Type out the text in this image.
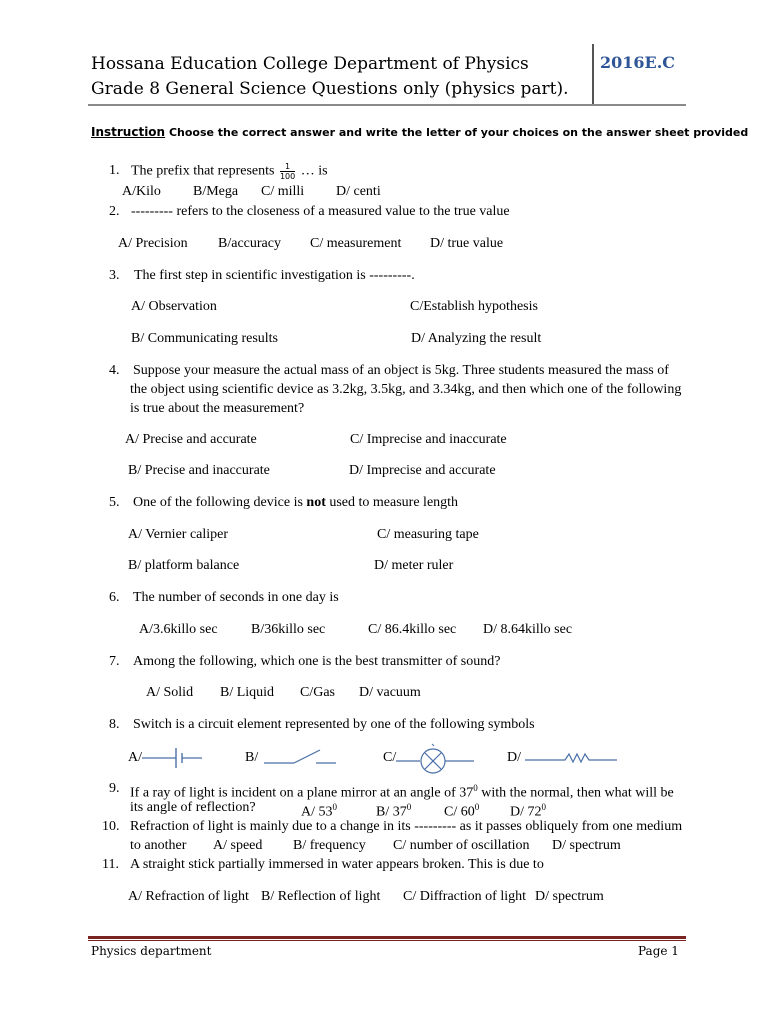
Hossana Education College Department of Physics
Grade 8 General Science Questions only (physics part).
2016E.C
Instruction Choose the correct answer and write the letter of your choices on the answer sheet provided
1. The prefix that represents $\frac{1}{100}$ … is
A/Kilo B/Mega C/ milli D/ centi
2. --------- refers to the closeness of a measured value to the true value
A/ Precision B/accuracy C/ measurement D/ true value
3. The first step in scientific investigation is ---------.
A/ Observation	C/Establish hypothesis
B/ Communicating results	D/ Analyzing the result
4. Suppose your measure the actual mass of an object is 5kg. Three students measured the mass of
the object using scientific device as 3.2kg, 3.5kg, and 3.34kg, and then which one of the following
is true about the measurement?
A/ Precise and accurate	C/ Imprecise and inaccurate
B/ Precise and inaccurate	D/ Imprecise and accurate
5. One of the following device is not used to measure length
A/ Vernier caliper	C/ measuring tape
B/ platform balance	D/ meter ruler
6. The number of seconds in one day is
A/3.6killo sec B/36killo sec	C/ 86.4killo sec D/ 8.64killo sec
7. Among the following, which one is the best transmitter of sound?
A/ Solid B/ Liquid C/Gas D/ vacuum
8. Switch is a circuit element represented by one of the following symbols
A/	B/	C/	D/
9. If a ray of light is incident on a plane mirror at an angle of $37^0$ with the normal, then what will be
its angle of reflection?	A/ $53^0$	B/ $37^0$ C/ $60^0$ D/ $72^0$
10. Refraction of light is mainly due to a change in its --------- as it passes obliquely from one medium
to another A/ speed B/ frequency C/ number of oscillation D/ spectrum
11. A straight stick partially immersed in water appears broken. This is due to
A/ Refraction of light B/ Reflection of light C/ Diffraction of light D/ spectrum
Physics department	Page 1
